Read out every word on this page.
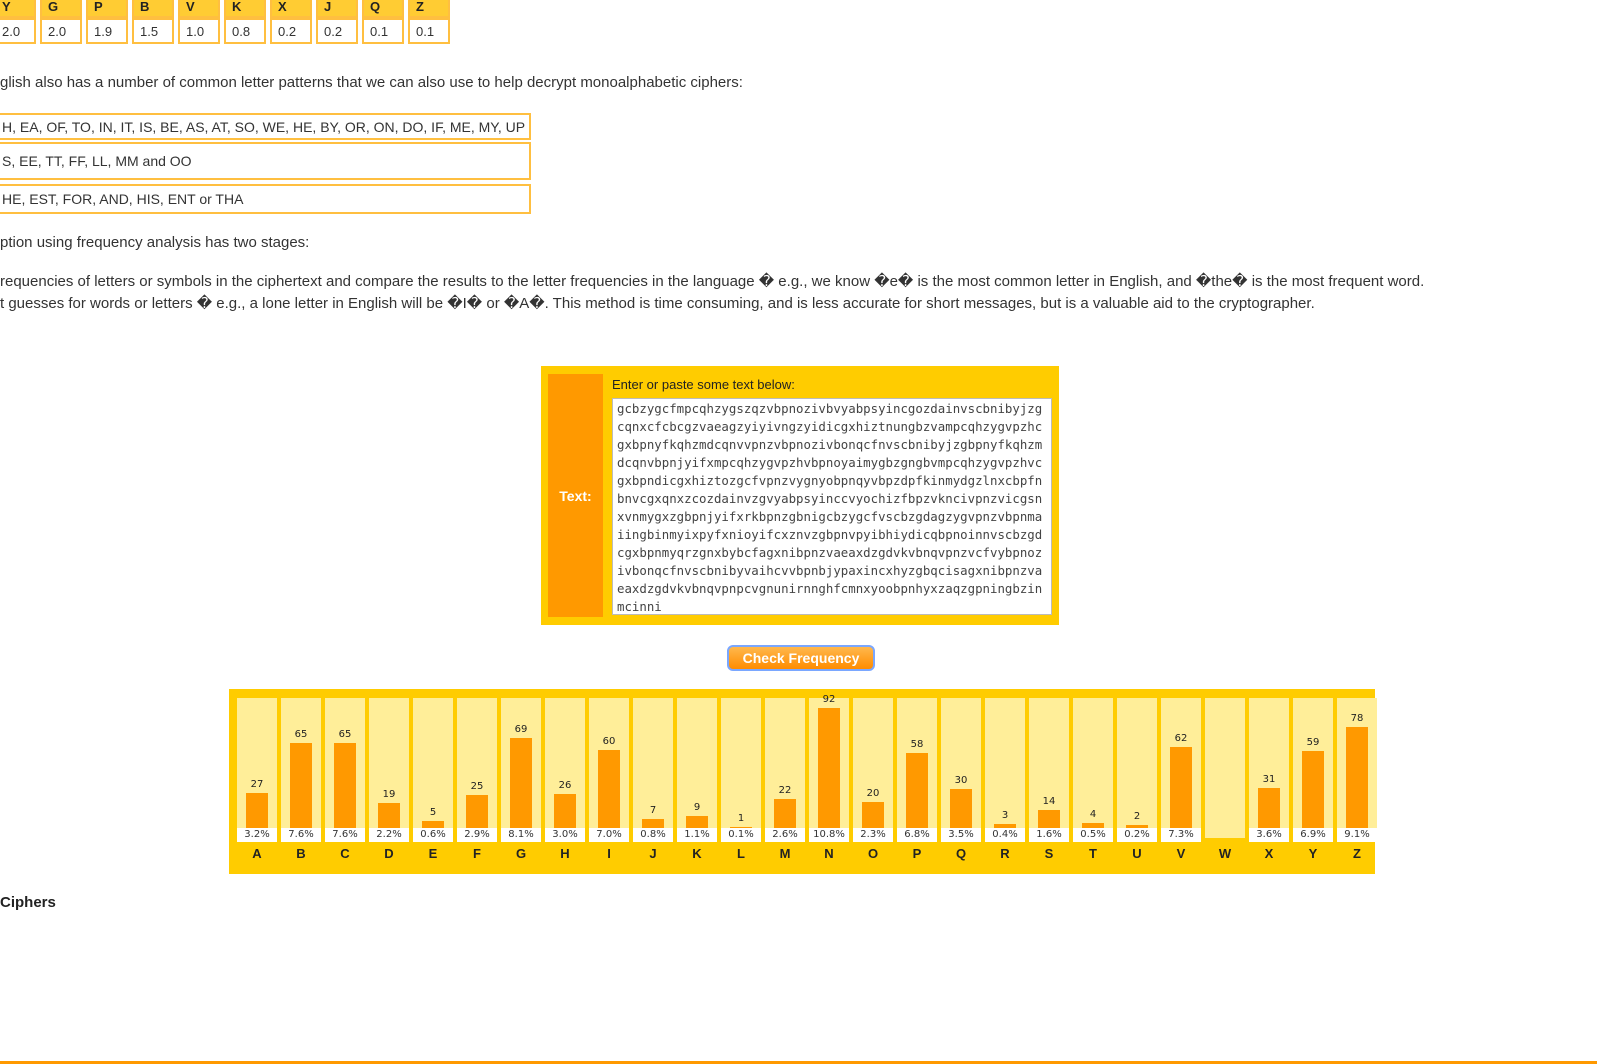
Y	G	P	B	V	K	X	J	Q	Z
2.0	2.0	1.9	1.5	1.0	0.8	0.2	0.2	0.1	0.1
glish also has a number of common letter patterns that we can also use to help decrypt monoalphabetic ciphers:
H, EA, OF, TO, IN, IT, IS, BE, AS, AT, SO, WE, HE, BY, OR, ON, DO, IF, ME, MY, UP
S, EE, TT, FF, LL, MM and OO
HE, EST, FOR, AND, HIS, ENT or THA
ption using frequency analysis has two stages:
requencies of letters or symbols in the ciphertext and compare the results to the letter frequencies in the language � e.g., we know �e� is the most common letter in English, and �the� is the most frequent word.
t guesses for words or letters � e.g., a lone letter in English will be �I� or �A�. This method is time consuming, and is less accurate for short messages, but is a valuable aid to the cryptographer.
Text:
Enter or paste some text below:
gcbzygcfmpcqhzygszqzvbpnozivbvyabpsyincgozdainvscbnibyjzgcqnxcfcbcgzvaeagzyiyivngzyidicgxhiztnungbzvampcqhzygvpzhcgxbpnyfkqhzmdcqnvvpnzvbpnozivbonqcfnvscbnibyjzgbpnyfkqhzmdcqnvbpnjyifxmpcqhzygvpzhvbpnoyaimygbzgngbvmpcqhzygvpzhvcgxbpndicgxhiztozgcfvpnzvygnyobpnqyvbpzdpfkinmydgzlnxcbpfnbnvcgxqnxzcozdainvzgvyabpsyinccvyochizfbpzvkncivpnzvicgsnxvnmygxzgbpnjyifxrkbpnzgbnigcbzygcfvscbzgdagzygvpnzvbpnmaiingbinmyixpyfxnioyifcxznvzgbpnvpyibhiydicqbpnoinnvscbzgdcgxbpnmyqrzgnxbybcfagxnibpnzvaeaxdzgdvkvbnqvpnzvcfvybpnozivbonqcfnvscbnibyvaihcvvbpnbjypaxincxhyzgbqcisagxnibpnzvaeaxdzgdvkvbnqvpnpcvgnunirnnghfcmnxyoobpnhyxzaqzgpningbzinmcinni
Check Frequency
27
3.2%
A
65
7.6%
B
65
7.6%
C
19
2.2%
D
5
0.6%
E
25
2.9%
F
69
8.1%
G
26
3.0%
H
60
7.0%
I
7
0.8%
J
9
1.1%
K
1
0.1%
L
22
2.6%
M
92
10.8%
N
20
2.3%
O
58
6.8%
P
30
3.5%
Q
3
0.4%
R
14
1.6%
S
4
0.5%
T
2
0.2%
U
62
7.3%
V	W
31
3.6%
X
59
6.9%
Y
78
9.1%
Z
Ciphers
